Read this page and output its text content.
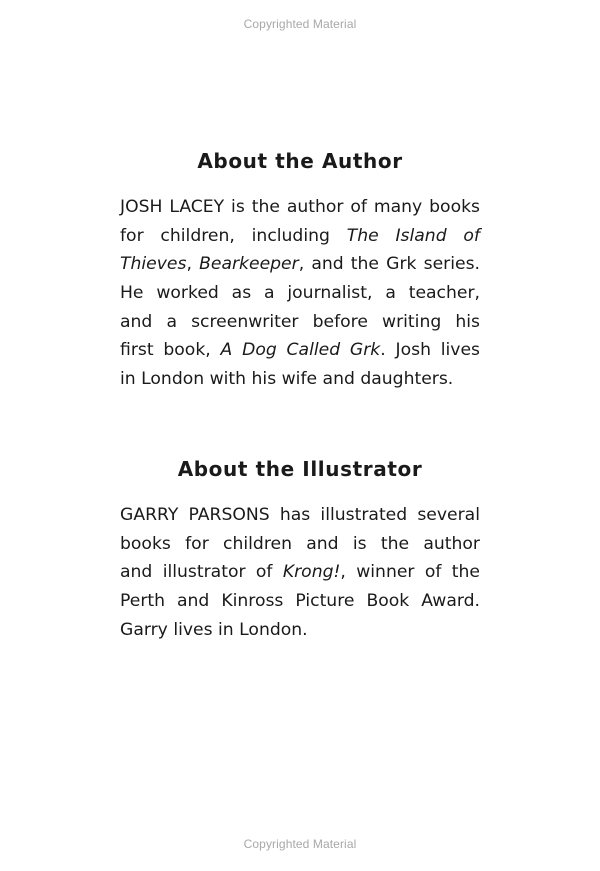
Copyrighted Material
About the Author
JOSH LACEY is the author of many books
for children, including The Island of
Thieves, Bearkeeper, and the Grk series.
He worked as a journalist, a teacher,
and a screenwriter before writing his
first book, A Dog Called Grk. Josh lives
in London with his wife and daughters.
About the Illustrator
GARRY PARSONS has illustrated several
books for children and is the author
and illustrator of Krong!, winner of the
Perth and Kinross Picture Book Award.
Garry lives in London.
Copyrighted Material
